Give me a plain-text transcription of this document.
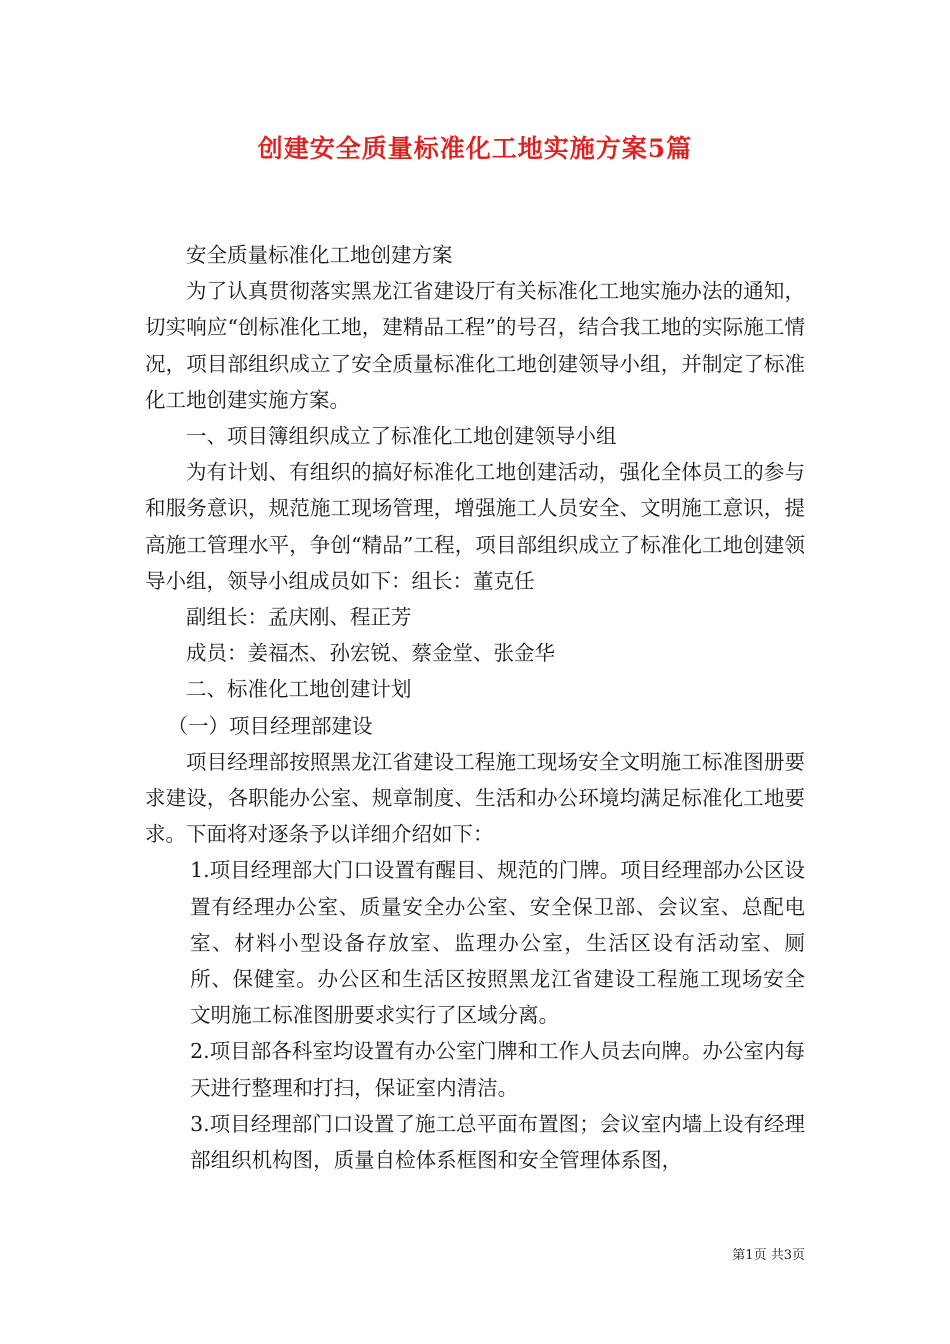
创建安全质量标准化工地实施方案5篇

安全质量标准化工地创建方案

为了认真贯彻落实黑龙江省建设厅有关标准化工地实施办法的通知，切实响应“创标准化工地，建精品工程”的号召，结合我工地的实际施工情况，项目部组织成立了安全质量标准化工地创建领导小组，并制定了标准化工地创建实施方案。

一、项目簿组织成立了标准化工地创建领导小组

为有计划、有组织的搞好标准化工地创建活动，强化全体员工的参与和服务意识，规范施工现场管理，增强施工人员安全、文明施工意识，提高施工管理水平，争创“精品”工程，项目部组织成立了标准化工地创建领导小组，领导小组成员如下：组长：董克任

副组长：孟庆刚、程正芳

成员：姜福杰、孙宏锐、蔡金堂、张金华

二、标准化工地创建计划

（一）项目经理部建设

项目经理部按照黑龙江省建设工程施工现场安全文明施工标准图册要求建设，各职能办公室、规章制度、生活和办公环境均满足标准化工地要求。下面将对逐条予以详细介绍如下：

1.项目经理部大门口设置有醒目、规范的门牌。项目经理部办公区设置有经理办公室、质量安全办公室、安全保卫部、会议室、总配电室、材料小型设备存放室、监理办公室，生活区设有活动室、厕所、保健室。办公区和生活区按照黑龙江省建设工程施工现场安全文明施工标准图册要求实行了区域分离。

2.项目部各科室均设置有办公室门牌和工作人员去向牌。办公室内每天进行整理和打扫，保证室内清洁。

3.项目经理部门口设置了施工总平面布置图；会议室内墙上设有经理部组织机构图，质量自检体系框图和安全管理体系图，

第1页 共3页
